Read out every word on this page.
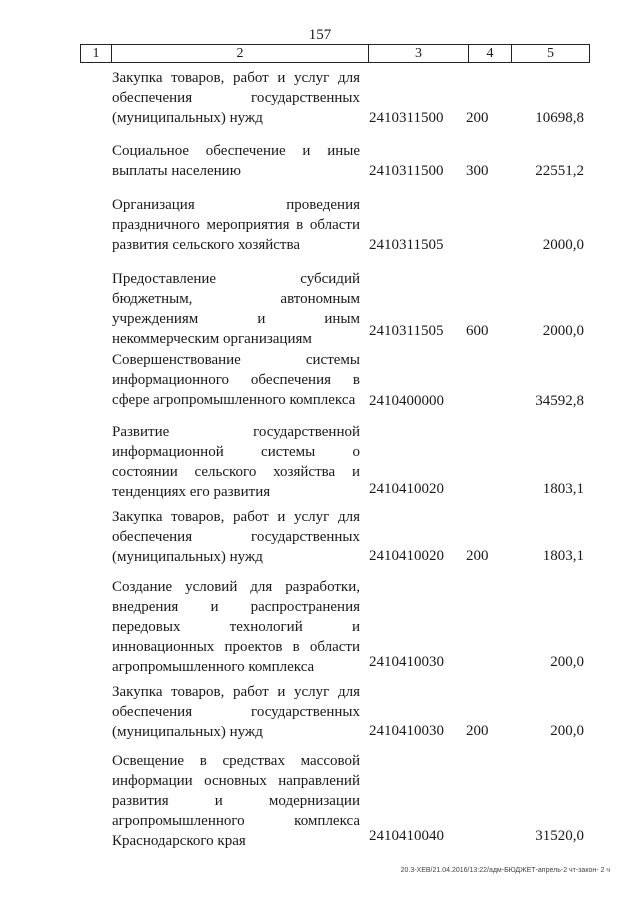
157
1	2	3	4	5
Закупка товаров, работ и услуг для обеспечения государственных (муниципальных) нужд	2410311500 200	10698,8
Социальное обеспечение и иные выплаты населению	2410311500 300	22551,2
Организация проведения праздничного мероприятия в области развития сельского хозяйства	2410311505	2000,0
Предоставление субсидий бюджетным, автономным учреждениям и иным некоммерческим организациям	2410311505 600	2000,0
Совершенствование системы информационного обеспечения в сфере агропромышленного комплекса 2410400000	34592,8
Развитие государственной информационной системы о состоянии сельского хозяйства и тенденциях его развития	2410410020	1803,1
Закупка товаров, работ и услуг для обеспечения государственных (муниципальных) нужд	2410410020 200	1803,1
Создание условий для разработки, внедрения и распространения передовых технологий и инновационных проектов в области агропромышленного комплекса	2410410030	200,0
Закупка товаров, работ и услуг для обеспечения государственных (муниципальных) нужд	2410410030 200	200,0
Освещение в средствах массовой информации основных направлений развития и модернизации агропромышленного комплекса Краснодарского края	2410410040	31520,0
20.3-XEB/21.04.2016/13:22/адм-БЮДЖЕТ-апрель-2 чт-закон- 2 ч
